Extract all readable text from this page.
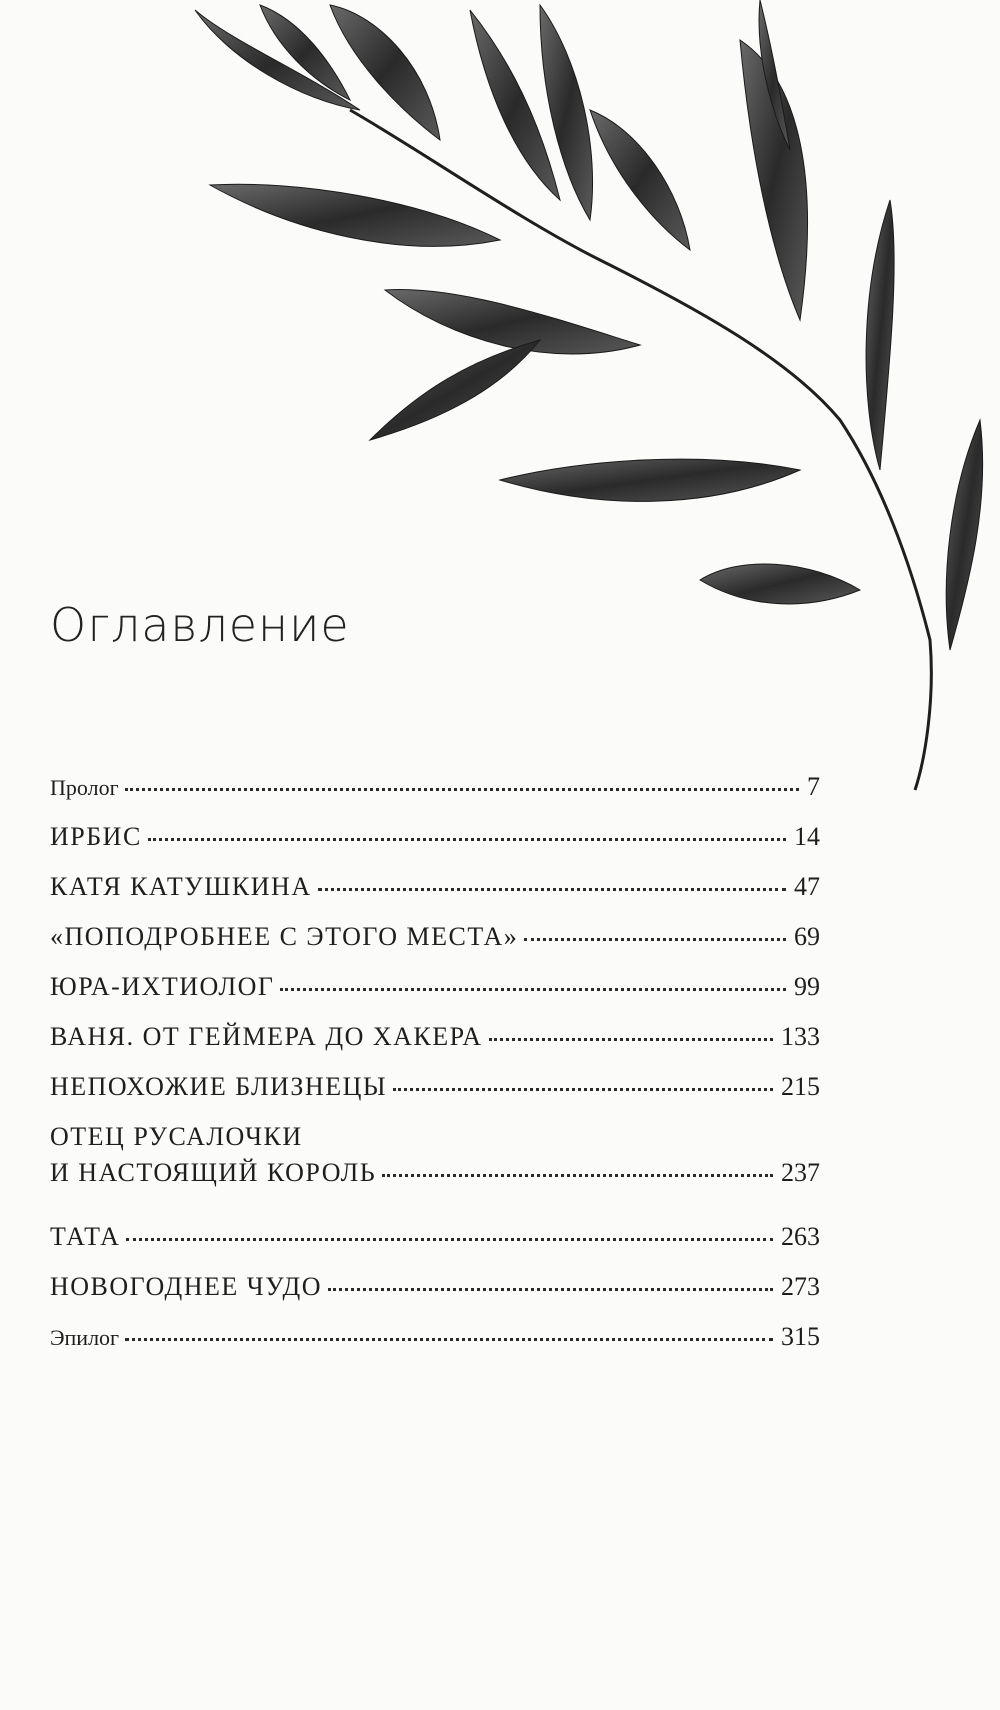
Оглавление
Пролог	7
ИРБИС	14
КАТЯ КАТУШКИНА	47
«ПОПОДРОБНЕЕ С ЭТОГО МЕСТА»	69
ЮРА-ИХТИОЛОГ	99
ВАНЯ. ОТ ГЕЙМЕРА ДО ХАКЕРА	133
НЕПОХОЖИЕ БЛИЗНЕЦЫ	215
ОТЕЦ РУСАЛОЧКИ
И НАСТОЯЩИЙ КОРОЛЬ	237
ТАТА	263
НОВОГОДНЕЕ ЧУДО	273
Эпилог	315
